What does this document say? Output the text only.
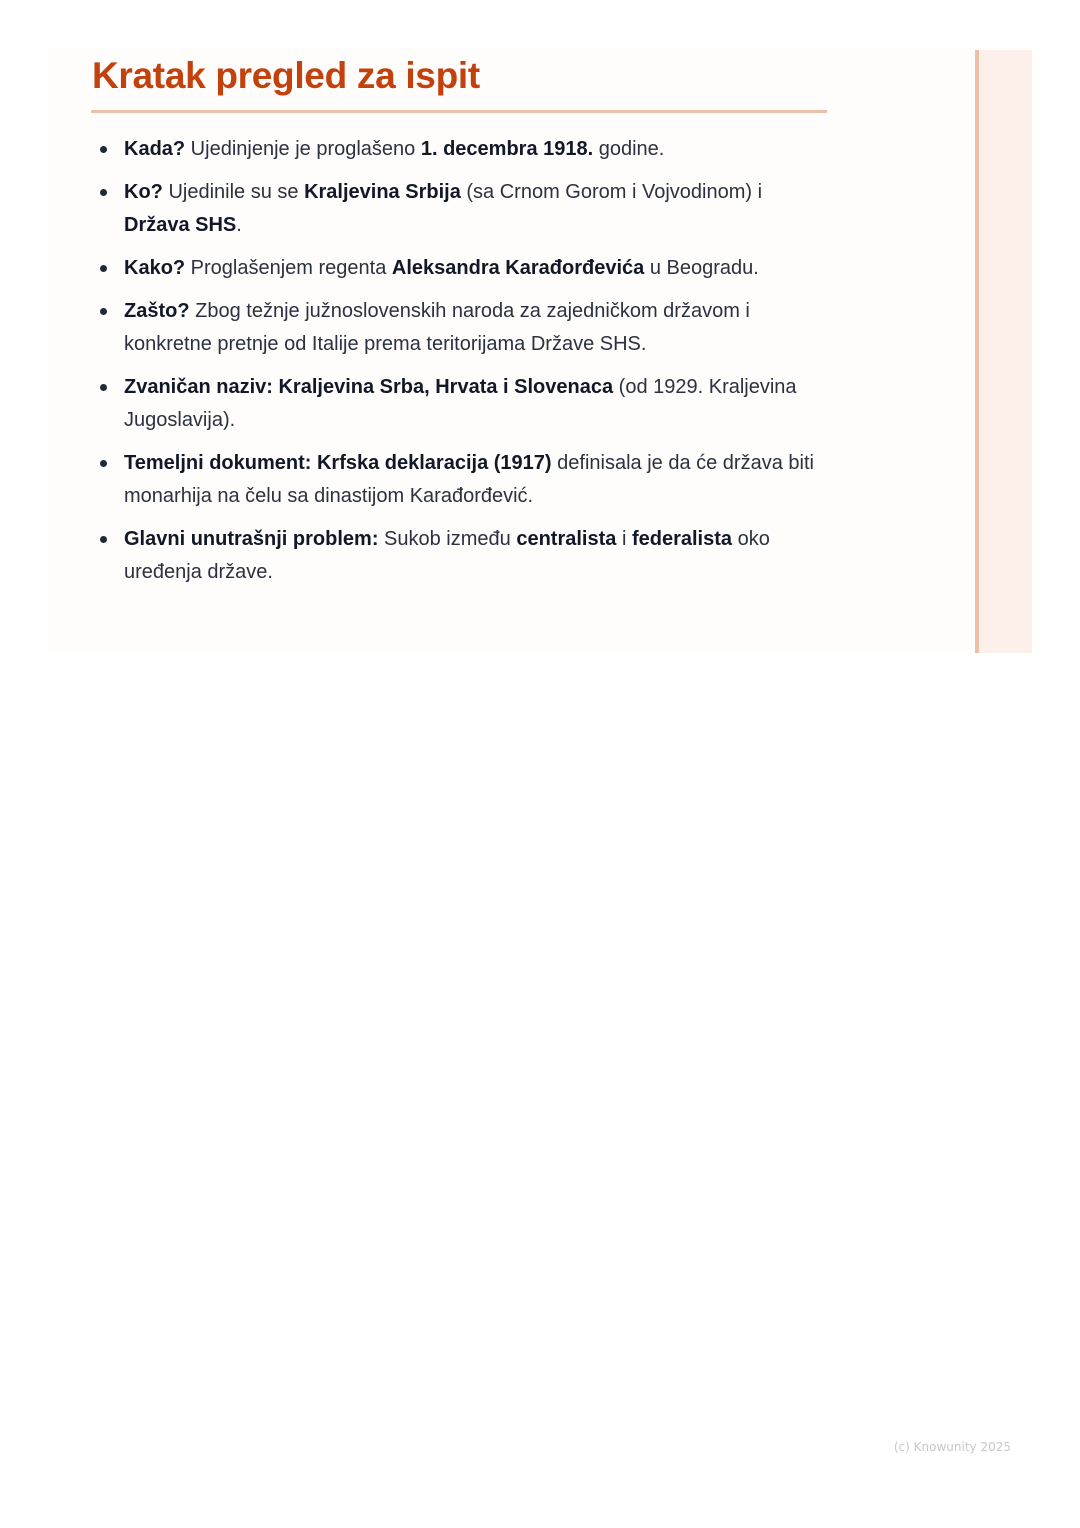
Kratak pregled za ispit
Kada? Ujedinjenje je proglašeno 1. decembra 1918. godine.
Ko? Ujedinile su se Kraljevina Srbija (sa Crnom Gorom i Vojvodinom) i Država SHS.
Kako? Proglašenjem regenta Aleksandra Karađorđevića u Beogradu.
Zašto? Zbog težnje južnoslovenskih naroda za zajedničkom državom i konkretne pretnje od Italije prema teritorijama Države SHS.
Zvaničan naziv: Kraljevina Srba, Hrvata i Slovenaca (od 1929. Kraljevina Jugoslavija).
Temeljni dokument: Krfska deklaracija (1917) definisala je da će država biti monarhija na čelu sa dinastijom Karađorđević.
Glavni unutrašnji problem: Sukob između centralista i federalista oko uređenja države.
(c) Knowunity 2025
